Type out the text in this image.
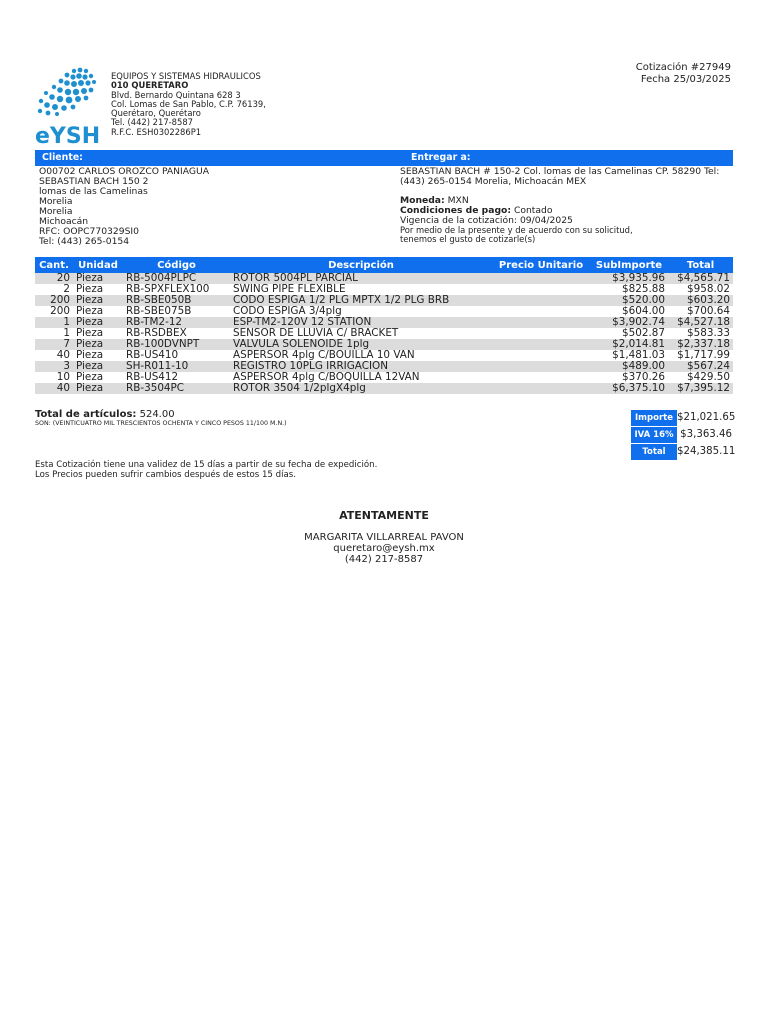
eYSH
EQUIPOS Y SISTEMAS HIDRAULICOS
010 QUERETARO
Blvd. Bernardo Quintana 628 3
Col. Lomas de San Pablo, C.P. 76139,
Querétaro, Querétaro
Tel. (442) 217-8587
R.F.C. ESH0302286P1
Cotización #27949
Fecha 25/03/2025
Cliente:	Entregar a:
O00702 CARLOS OROZCO PANIAGUA
SEBASTIAN BACH 150 2
lomas de las Camelinas
Morelia
Morelia
Michoacán
RFC: OOPC770329SI0
Tel: (443) 265-0154
SEBASTIAN BACH # 150-2 Col. lomas de las Camelinas CP. 58290 Tel: (443) 265-0154 Morelia, Michoacán MEX
Moneda: MXN
Condiciones de pago: Contado
Vigencia de la cotización: 09/04/2025
Por medio de la presente y de acuerdo con su solicitud,
tenemos el gusto de cotizarle(s)
Cant.	Unidad	Código	Descripción	Precio Unitario	SubImporte	Total
20	Pieza	RB-5004PLPC	ROTOR 5004PL PARCIAL		$3,935.96	$4,565.71
2	Pieza	RB-SPXFLEX100	SWING PIPE FLEXIBLE		$825.88	$958.02
200	Pieza	RB-SBE050B	CODO ESPIGA 1/2 PLG MPTX 1/2 PLG BRB		$520.00	$603.20
200	Pieza	RB-SBE075B	CODO ESPIGA 3/4plg		$604.00	$700.64
1	Pieza	RB-TM2-12	ESP-TM2-120V 12 STATION		$3,902.74	$4,527.18
1	Pieza	RB-RSDBEX	SENSOR DE LLUVIA C/ BRACKET		$502.87	$583.33
7	Pieza	RB-100DVNPT	VALVULA SOLENOIDE 1plg		$2,014.81	$2,337.18
40	Pieza	RB-US410	ASPERSOR 4plg C/BOUILLA 10 VAN		$1,481.03	$1,717.99
3	Pieza	SH-R011-10	REGISTRO 10PLG IRRIGACION		$489.00	$567.24
10	Pieza	RB-US412	ASPERSOR 4plg C/BOQUILLA 12VAN		$370.26	$429.50
40	Pieza	RB-3504PC	ROTOR 3504 1/2plgX4plg		$6,375.10	$7,395.12
Total de artículos: 524.00
SON: (VEINTICUATRO MIL TRESCIENTOS OCHENTA Y CINCO PESOS 11/100 M.N.)
Importe $21,021.65
IVA 16% $3,363.46
Total	$24,385.11
Esta Cotización tiene una validez de 15 días a partir de su fecha de expedición.
Los Precios pueden sufrir cambios después de estos 15 días.
ATENTAMENTE
MARGARITA VILLARREAL PAVON
queretaro@eysh.mx
(442) 217-8587
